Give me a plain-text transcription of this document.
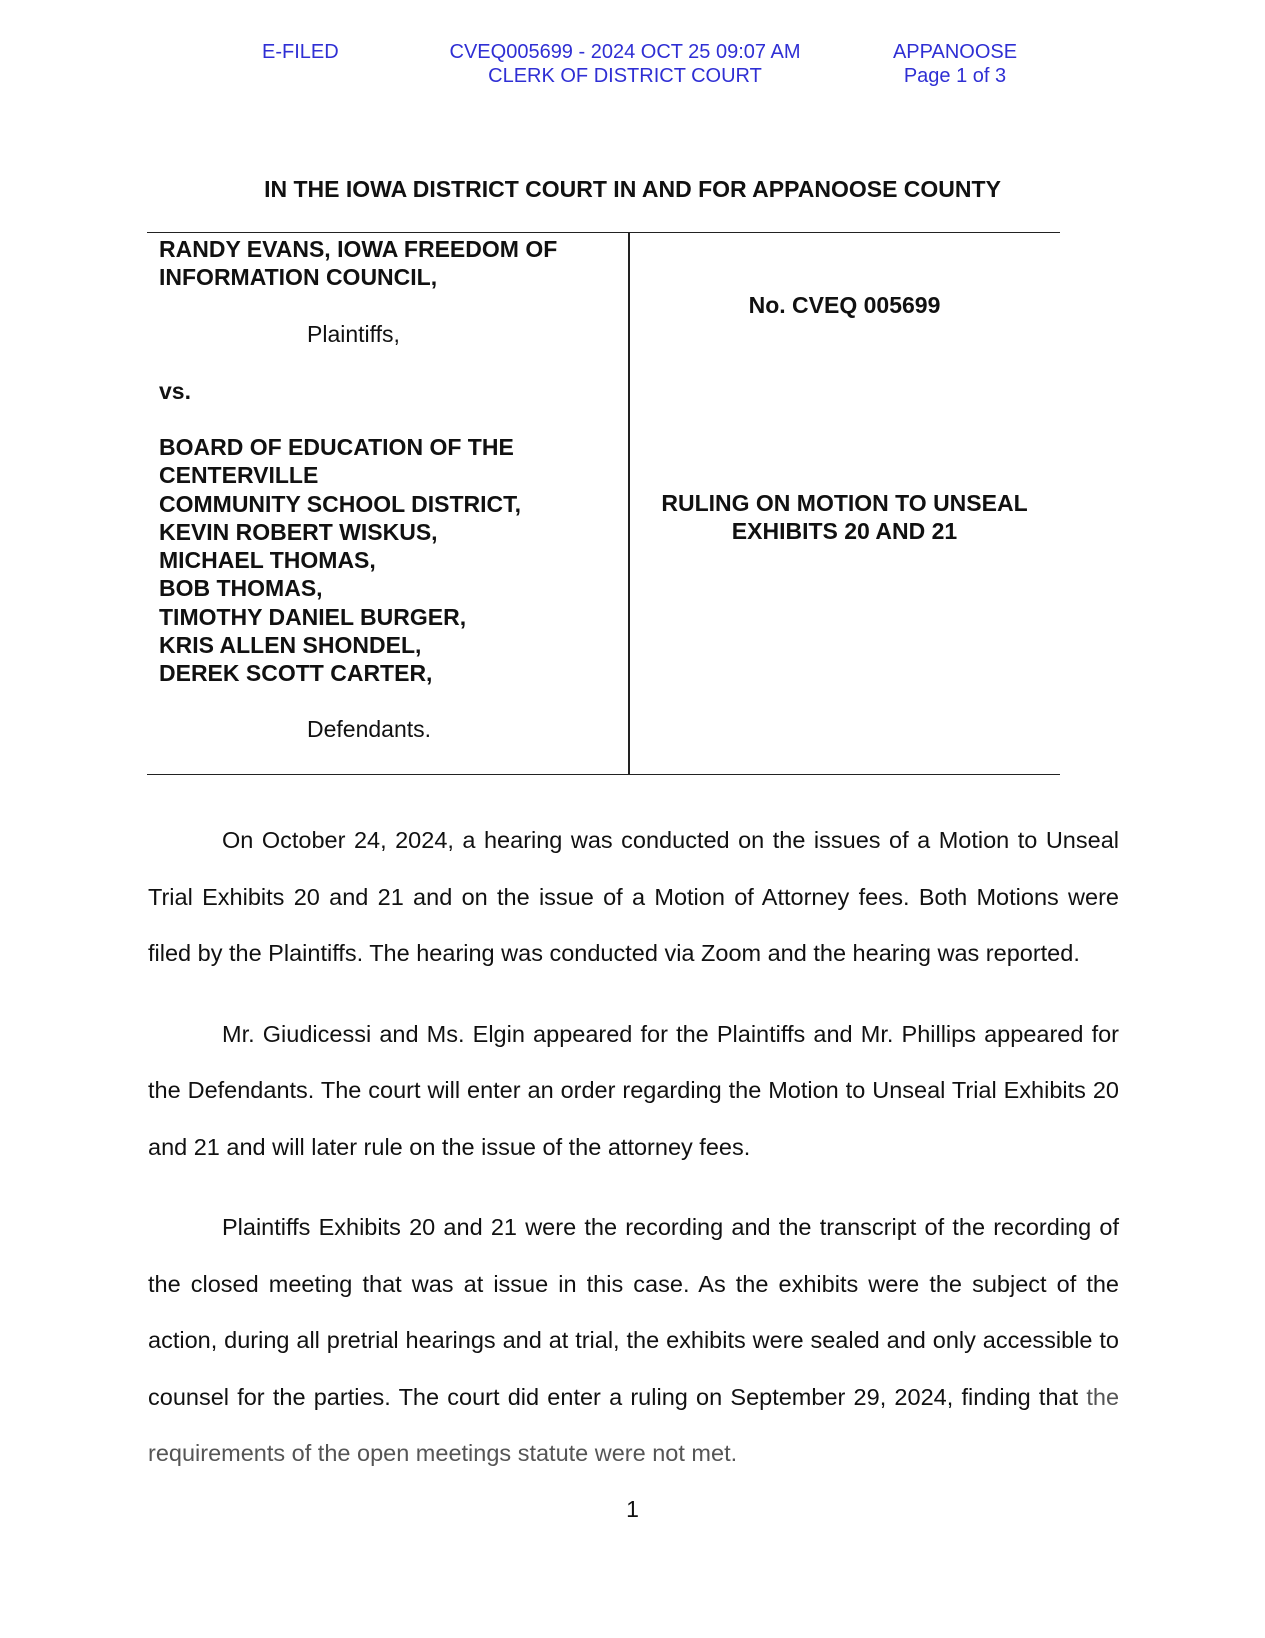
E-FILED	CVEQ005699 - 2024 OCT 25 09:07 AM
CLERK OF DISTRICT COURT
APPANOOSE
Page 1 of 3
IN THE IOWA DISTRICT COURT IN AND FOR APPANOOSE COUNTY
RANDY EVANS, IOWA FREEDOM OF INFORMATION COUNCIL,
Plaintiffs,
vs.
BOARD OF EDUCATION OF THE
CENTERVILLE
COMMUNITY SCHOOL DISTRICT,
KEVIN ROBERT WISKUS,
MICHAEL THOMAS,
BOB THOMAS,
TIMOTHY DANIEL BURGER,
KRIS ALLEN SHONDEL,
DEREK SCOTT CARTER,
Defendants.
No. CVEQ 005699
RULING ON MOTION TO UNSEAL EXHIBITS 20 AND 21

On October 24, 2024, a hearing was conducted on the issues of a Motion to Unseal Trial Exhibits 20 and 21 and on the issue of a Motion of Attorney fees. Both Motions were filed by the Plaintiffs. The hearing was conducted via Zoom and the hearing was reported.

Mr. Giudicessi and Ms. Elgin appeared for the Plaintiffs and Mr. Phillips appeared for the Defendants. The court will enter an order regarding the Motion to Unseal Trial Exhibits 20 and 21 and will later rule on the issue of the attorney fees.

Plaintiffs Exhibits 20 and 21 were the recording and the transcript of the recording of the closed meeting that was at issue in this case. As the exhibits were the subject of the action, during all pretrial hearings and at trial, the exhibits were sealed and only accessible to counsel for the parties. The court did enter a ruling on September 29, 2024, finding that the requirements of the open meetings statute were not met.

1
